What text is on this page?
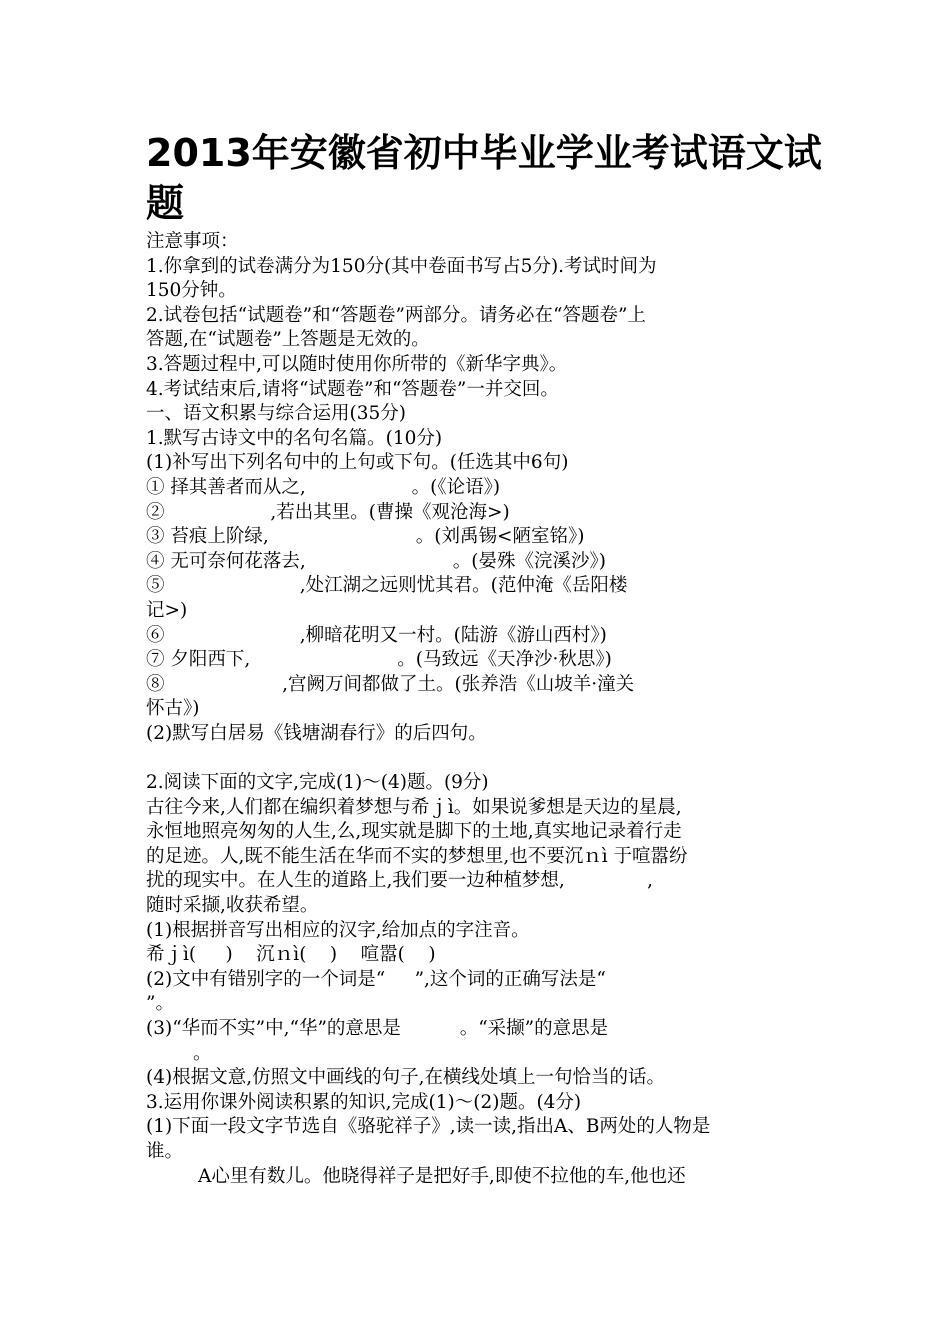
2013年安徽省初中毕业学业考试语文试题
注意事项：
1.你拿到的试卷满分为150分(其中卷面书写占5分).考试时间为
150分钟。
2.试卷包括“试题卷”和“答题卷”两部分。请务必在“答题卷”上
答题,在“试题卷”上答题是无效的。
3.答题过程中,可以随时使用你所带的《新华字典》。
4.考试结束后,请将“试题卷”和“答题卷”一并交回。
一、语文积累与综合运用(35分)
1.默写古诗文中的名句名篇。(10分)
(1)补写出下列名句中的上句或下句。(任选其中6句)
① 择其善者而从之,                  。(《论语》)
②                  ,若出其里。(曹操《观沧海>)
③ 苔痕上阶绿,                         。(刘禹锡<陋室铭》)
④ 无可奈何花落去,                         。(晏殊《浣溪沙》)
⑤                       ,处江湖之远则忧其君。(范仲淹《岳阳楼
记>)
⑥                       ,柳暗花明又一村。(陆游《游山西村》)
⑦ 夕阳西下,                         。(马致远《天净沙·秋思》)
⑧                    ,宫阙万间都做了土。(张养浩《山坡羊·潼关
怀古》)
(2)默写白居易《钱塘湖春行》的后四句。
2.阅读下面的文字,完成(1)～(4)题。(9分)
古往今来,人们都在编织着梦想与希ｊì。如果说爹想是天边的星晨,
永恒地照亮匆匆的人生,么,现实就是脚下的土地,真实地记录着行走
的足迹。人,既不能生活在华而不实的梦想里,也不要沉ｎì 于喧嚣纷
扰的现实中。在人生的道路上,我们要一边种植梦想,              ,
随时采撷,收获希望。
(1)根据拼音写出相应的汉字,给加点的字注音。
希ｊì(     )    沉ｎì(    )    喧嚣(    )
(2)文中有错别字的一个词是“     ”,这个词的正确写法是“
”。
(3)“华而不实”中,“华”的意思是          。“采撷”的意思是
。
(4)根据文意,仿照文中画线的句子,在横线处填上一句恰当的话。
3.运用你课外阅读积累的知识,完成(1)～(2)题。(4分)
(1)下面一段文字节选自《骆驼祥子》,读一读,指出A、B两处的人物是
谁。
A心里有数儿。他晓得祥子是把好手,即使不拉他的车,他也还
